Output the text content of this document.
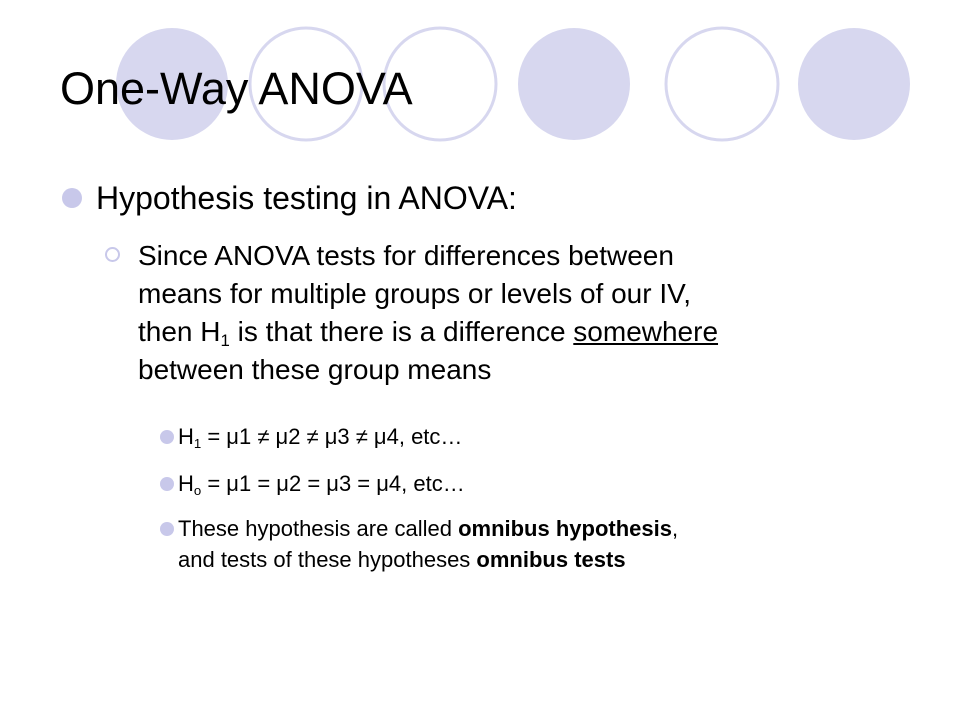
One-Way ANOVA
Hypothesis testing in ANOVA:
Since ANOVA tests for differences between
means for multiple groups or levels of our IV,
then $H_1$ is that there is a difference somewhere
between these group means
$H_1 = \mu 1 \ne \mu 2 \ne \mu 3 \ne \mu 4$, etc…
$H_o = \mu 1 = \mu 2 = \mu 3 = \mu 4$, etc…
These hypothesis are called omnibus hypothesis,
and tests of these hypotheses omnibus tests
